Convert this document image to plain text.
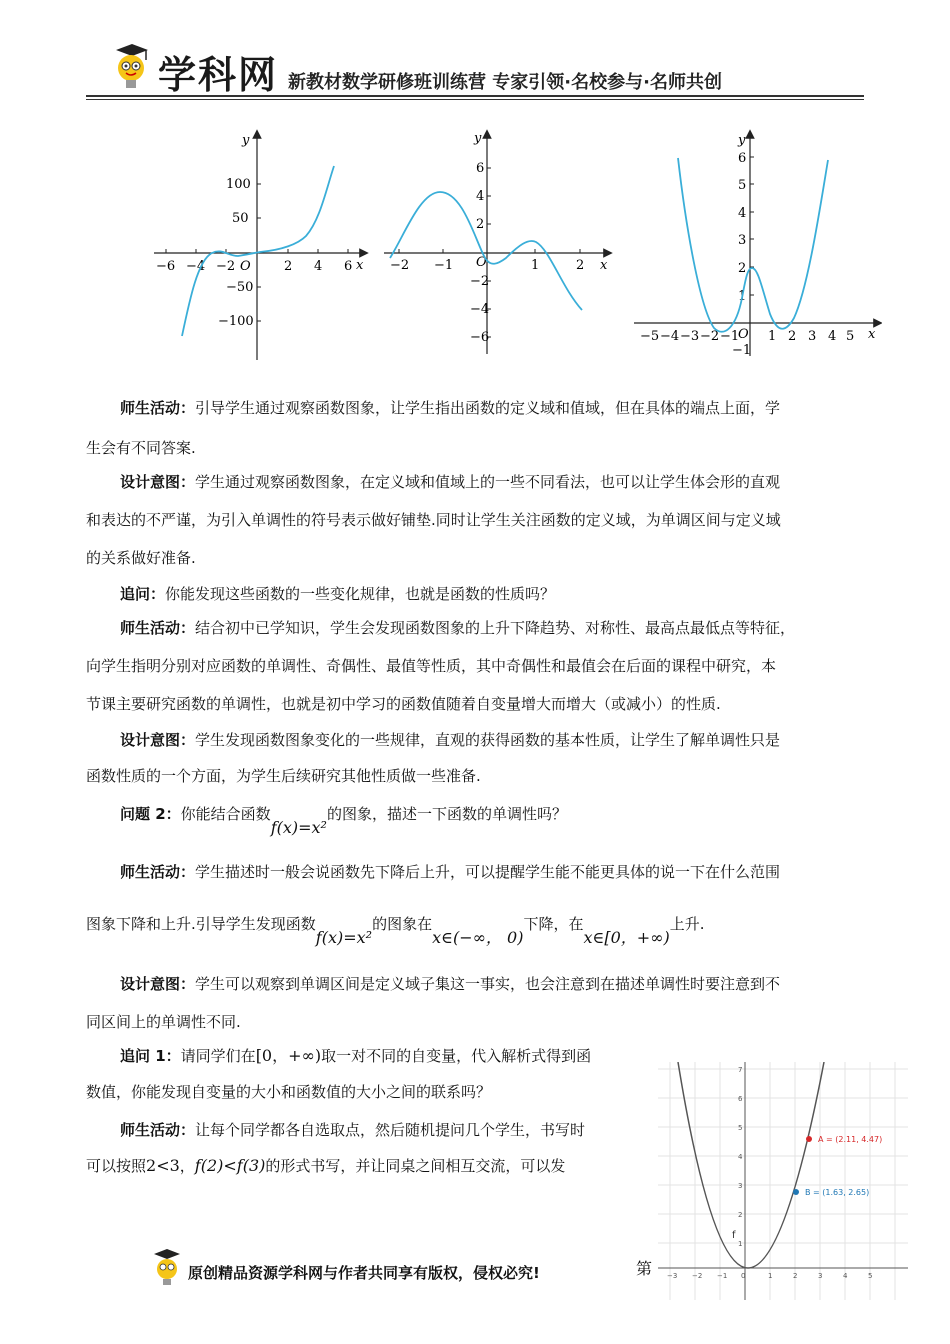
学科网 新教材数学研修班训练营 专家引领·名校参与·名师共创
−6 −4 −2	2 4 6
O	x
y
100
50
−50
−100
−2 −1	1	2
O	x
y
6
4
2
−2
−4
−6	−5 −4 −3 −2 −1 1 2 3 4 5
O	x
y
6
5
4
3
2
1
−1
师生活动：引导学生通过观察函数图象，让学生指出函数的定义域和值域，但在具体的端点上面，学
生会有不同答案.
设计意图：学生通过观察函数图象，在定义域和值域上的一些不同看法，也可以让学生体会形的直观
和表达的不严谨，为引入单调性的符号表示做好铺垫.同时让学生关注函数的定义域，为单调区间与定义域
的关系做好准备.
追问：你能发现这些函数的一些变化规律，也就是函数的性质吗？
师生活动：结合初中已学知识，学生会发现函数图象的上升下降趋势、对称性、最高点最低点等特征，
向学生指明分别对应函数的单调性、奇偶性、最值等性质，其中奇偶性和最值会在后面的课程中研究，本
节课主要研究函数的单调性，也就是初中学习的函数值随着自变量增大而增大（或减小）的性质.
设计意图：学生发现函数图象变化的一些规律，直观的获得函数的基本性质，让学生了解单调性只是
函数性质的一个方面，为学生后续研究其他性质做一些准备.
问题 2：你能结合函数f(x)=x²的图象，描述一下函数的单调性吗？
师生活动：学生描述时一般会说函数先下降后上升，可以提醒学生能不能更具体的说一下在什么范围
图象下降和上升.引导学生发现函数f(x)=x²的图象在x∈(−∞， 0)下降，在x∈[0，+∞)上升.
设计意图：学生可以观察到单调区间是定义域子集这一事实，也会注意到在描述单调性时要注意到不
同区间上的单调性不同.
追问 1：请同学们在[0，+∞)取一对不同的自变量，代入解析式得到函
数值，你能发现自变量的大小和函数值的大小之间的联系吗？
师生活动：让每个同学都各自选取点，然后随机提问几个学生，书写时
可以按照2<3，f(2)<f(3)的形式书写，并让同桌之间相互交流，可以发
−3 −2 −1 0	1	2	3	4	5
7
6
5
4
3
2
1
f
A = (2.11, 4.47)
B = (1.63, 2.65)
原创精品资源学科网与作者共同享有版权，侵权必究!	第
